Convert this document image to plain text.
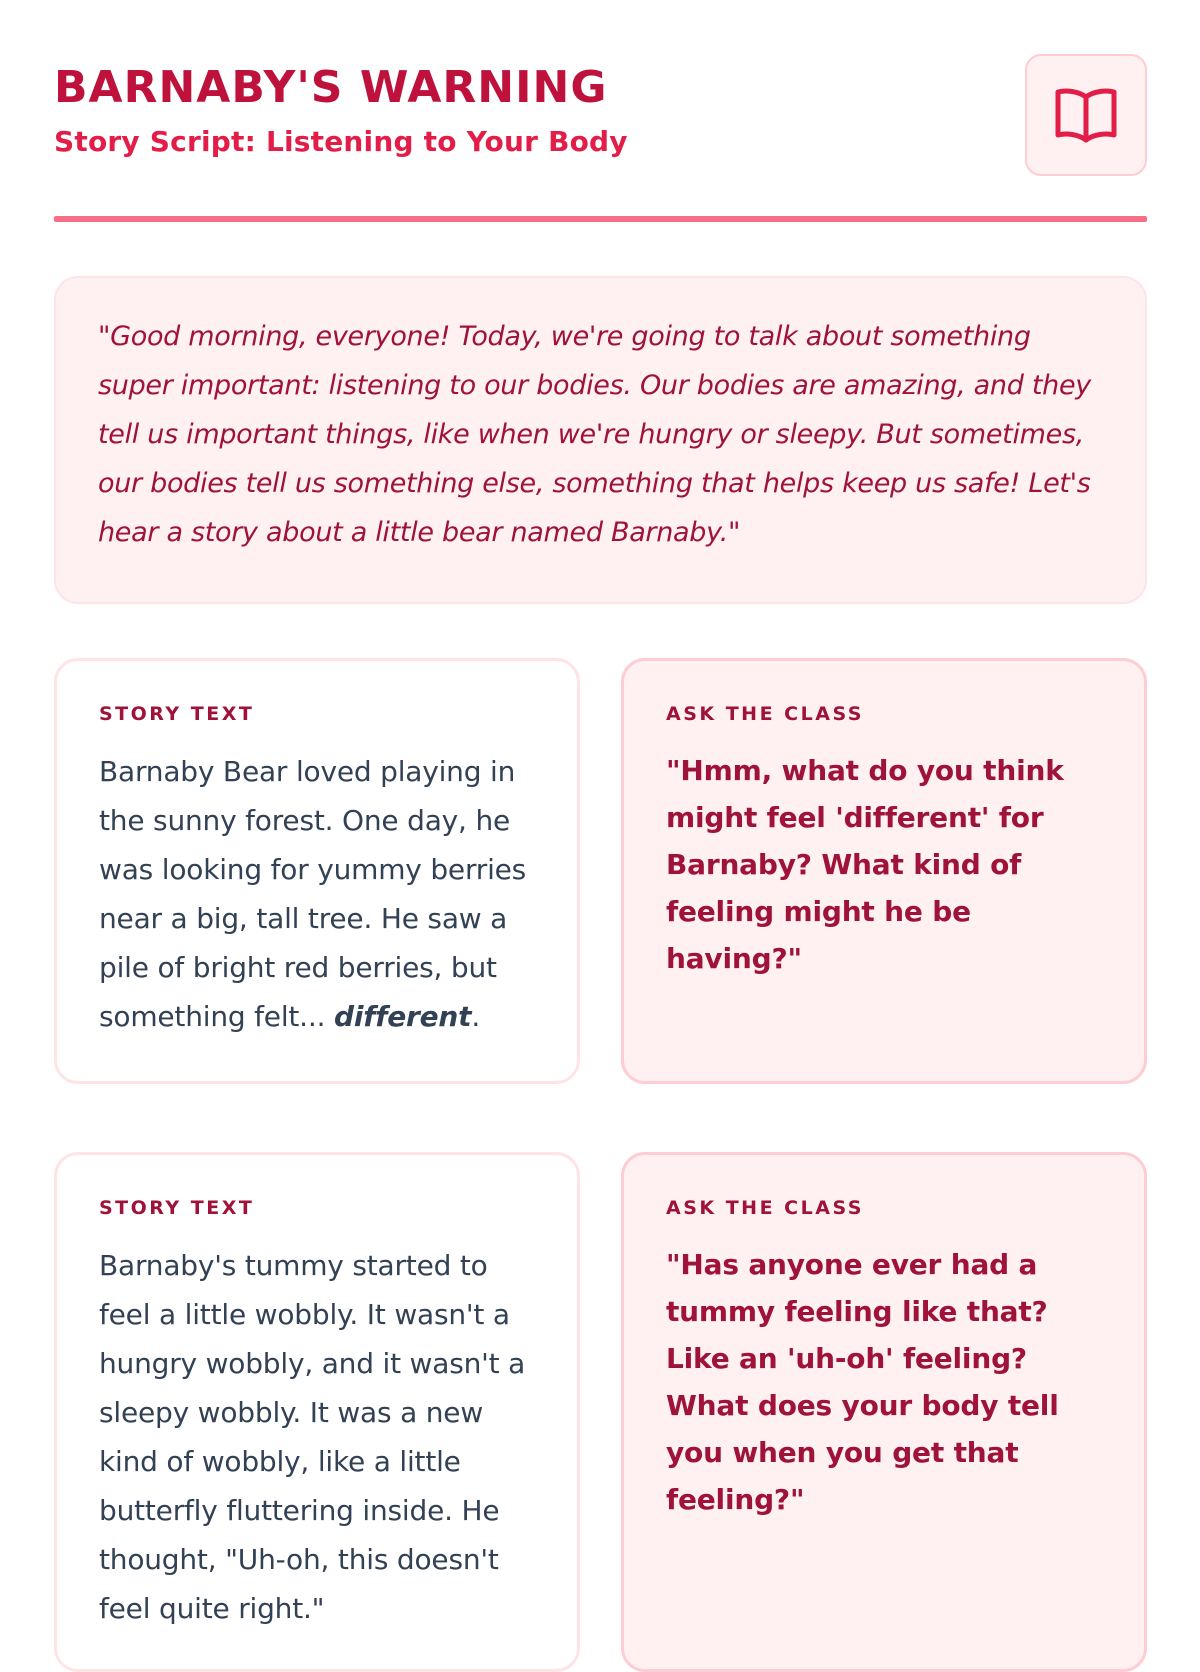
BARNABY'S WARNING
Story Script: Listening to Your Body

"Good morning, everyone! Today, we're going to talk about something super important: listening to our bodies. Our bodies are amazing, and they tell us important things, like when we're hungry or sleepy. But sometimes, our bodies tell us something else, something that helps keep us safe! Let's hear a story about a little bear named Barnaby."

STORY TEXT

Barnaby Bear loved playing in the sunny forest. One day, he was looking for yummy berries near a big, tall tree. He saw a pile of bright red berries, but something felt... different.

ASK THE CLASS

"Hmm, what do you think might feel 'different' for Barnaby? What kind of feeling might he be having?"

STORY TEXT

Barnaby's tummy started to feel a little wobbly. It wasn't a hungry wobbly, and it wasn't a sleepy wobbly. It was a new kind of wobbly, like a little butterfly fluttering inside. He thought, "Uh-oh, this doesn't feel quite right."

ASK THE CLASS

"Has anyone ever had a tummy feeling like that? Like an 'uh-oh' feeling? What does your body tell you when you get that feeling?"
